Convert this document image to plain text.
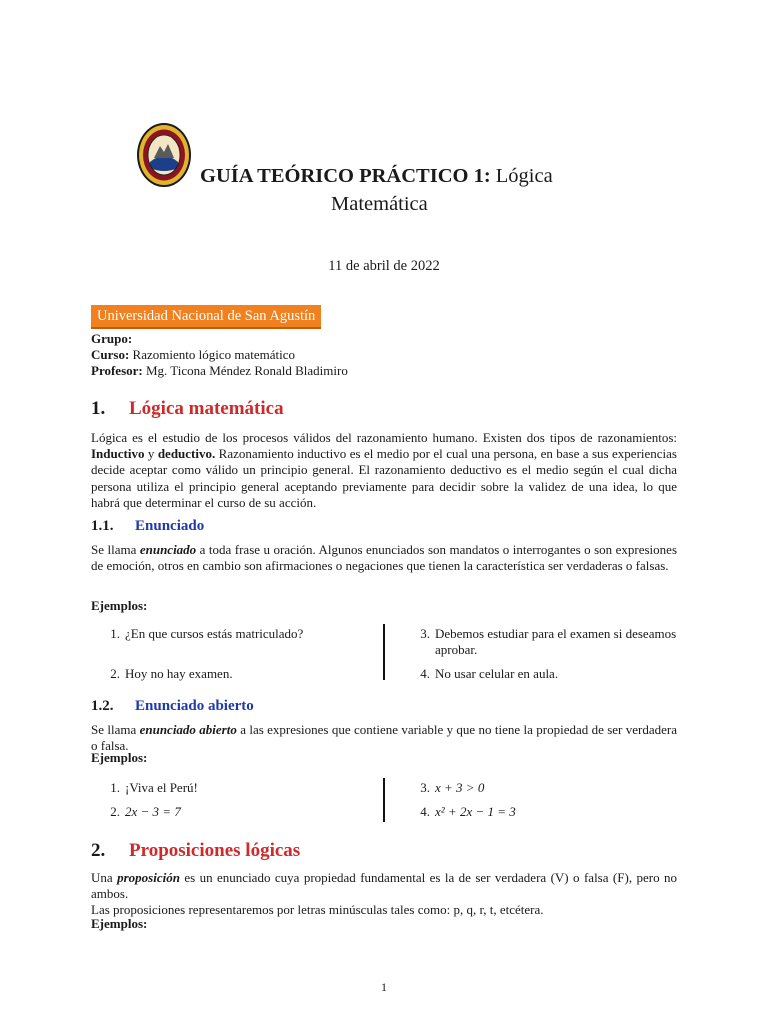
GUÍA TEÓRICO PRÁCTICO 1: Lógica
Matemática
11 de abril de 2022
Universidad Nacional de San Agustín
Grupo:
Curso: Razomiento lógico matemático
Profesor: Mg. Ticona Méndez Ronald Bladimiro
1. Lógica matemática
Lógica es el estudio de los procesos válidos del razonamiento humano. Existen dos tipos de razonamientos: Inductivo y deductivo. Razonamiento inductivo es el medio por el cual una persona, en base a sus experiencias decide aceptar como válido un principio general. El razonamiento deductivo es el medio según el cual dicha persona utiliza el principio general aceptando previamente para decidir sobre la validez de una idea, lo que habrá que determinar el curso de su acción.
1.1. Enunciado
Se llama enunciado a toda frase u oración. Algunos enunciados son mandatos o interrogantes o son expresiones de emoción, otros en cambio son afirmaciones o negaciones que tienen la característica ser verdaderas o falsas.
Ejemplos:
1. ¿En que cursos estás matriculado?
2. Hoy no hay examen.
3. Debemos estudiar para el examen si deseamos aprobar.
4. No usar celular en aula.
1.2. Enunciado abierto
Se llama enunciado abierto a las expresiones que contiene variable y que no tiene la propiedad de ser verdadera o falsa.
Ejemplos:
1. ¡Viva el Perú!
2. 2x − 3 = 7
3. x + 3 > 0
4. x² + 2x − 1 = 3
2. Proposiciones lógicas
Una proposición es un enunciado cuya propiedad fundamental es la de ser verdadera (V) o falsa (F), pero no ambos.
Las proposiciones representaremos por letras minúsculas tales como: p, q, r, t, etcétera.
Ejemplos:
1
